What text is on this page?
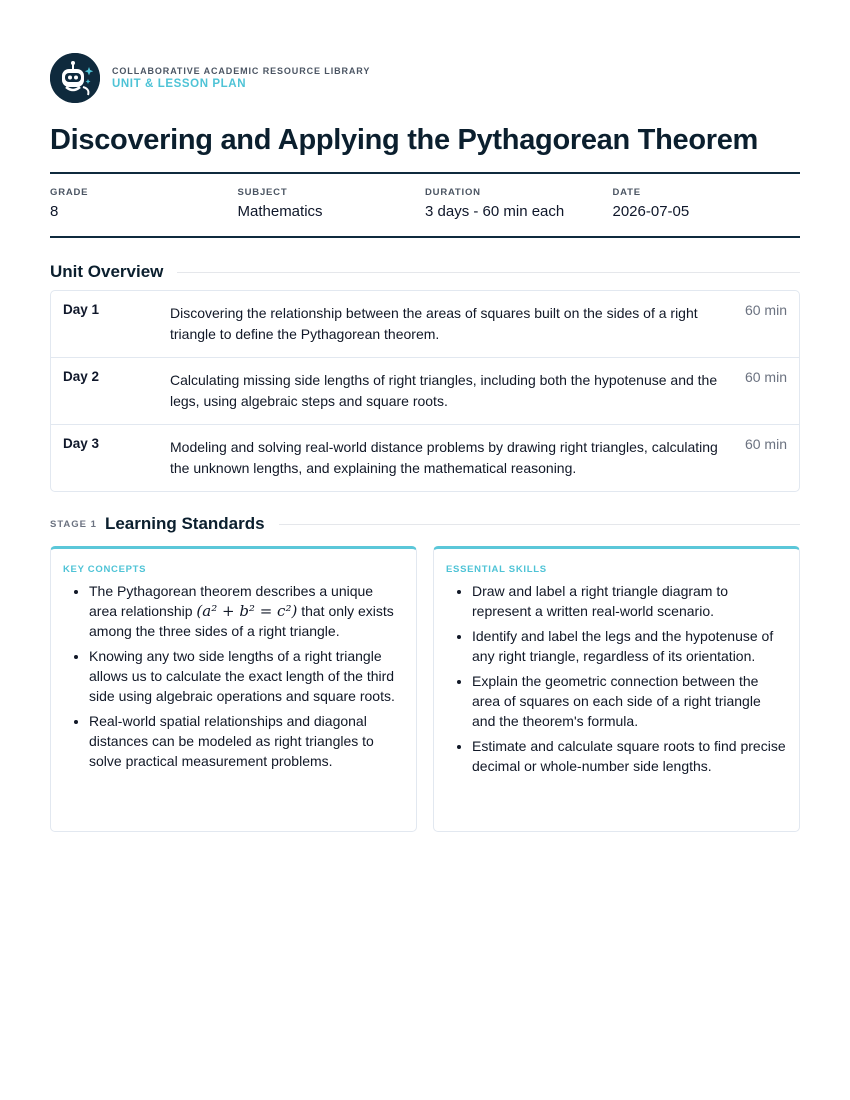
COLLABORATIVE ACADEMIC RESOURCE LIBRARY
UNIT & LESSON PLAN
Discovering and Applying the Pythagorean Theorem
GRADE
8
SUBJECT
Mathematics
DURATION
3 days - 60 min each
DATE
2026-07-05
Unit Overview
Day 1	Discovering the relationship between the areas of squares built on the sides of a right triangle to define the Pythagorean theorem.
60 min
Day 2	Calculating missing side lengths of right triangles, including both the hypotenuse and the legs, using algebraic steps and square roots.
60 min
Day 3	Modeling and solving real-world distance problems by drawing right triangles, calculating the unknown lengths, and explaining the mathematical reasoning.
60 min
STAGE 1 Learning Standards
KEY CONCEPTS
• The Pythagorean theorem describes a unique area relationship (a² + b² = c²) that only exists among the three sides of a right triangle.
• Knowing any two side lengths of a right triangle allows us to calculate the exact length of the third side using algebraic operations and square roots.
• Real-world spatial relationships and diagonal distances can be modeled as right triangles to solve practical measurement problems.
ESSENTIAL SKILLS
• Draw and label a right triangle diagram to represent a written real-world scenario.
• Identify and label the legs and the hypotenuse of any right triangle, regardless of its orientation.
• Explain the geometric connection between the area of squares on each side of a right triangle and the theorem's formula.
• Estimate and calculate square roots to find precise decimal or whole-number side lengths.
